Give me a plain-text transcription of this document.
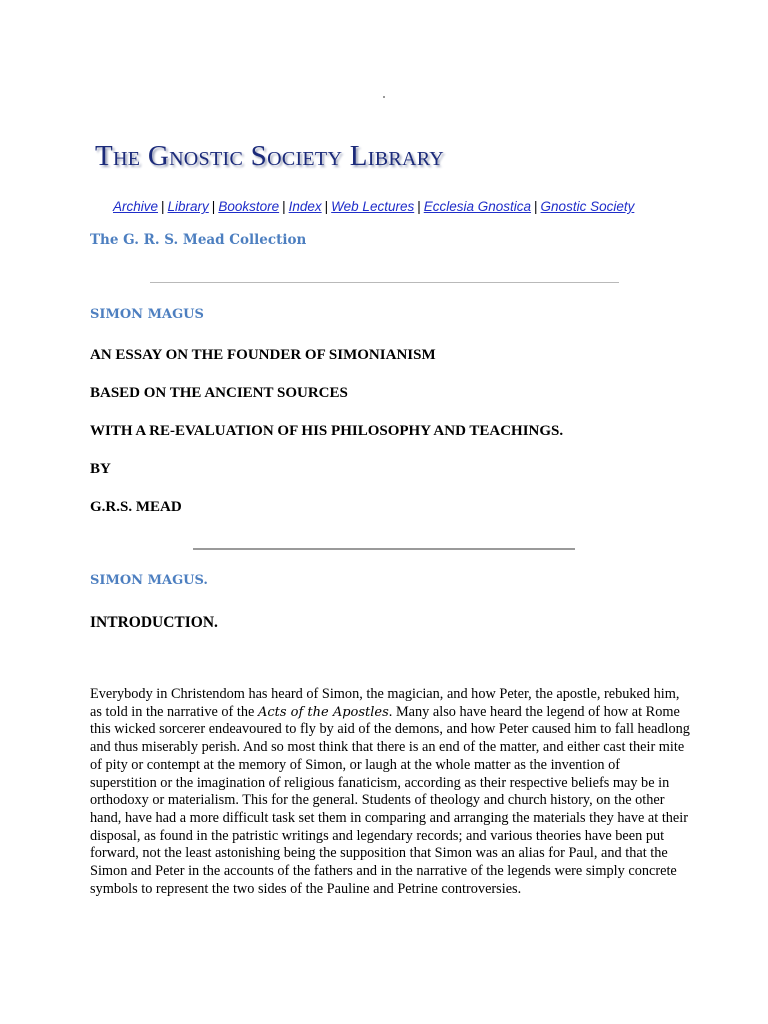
The Gnostic Society Library
Archive | Library | Bookstore | Index | Web Lectures | Ecclesia Gnostica | Gnostic Society
The G. R. S. Mead Collection
SIMON MAGUS

AN ESSAY ON THE FOUNDER OF SIMONIANISM

BASED ON THE ANCIENT SOURCES

WITH A RE-EVALUATION OF HIS PHILOSOPHY AND TEACHINGS.

BY

G.R.S. MEAD

SIMON MAGUS.

INTRODUCTION.

Everybody in Christendom has heard of Simon, the magician, and how Peter, the apostle, rebuked him, as told in the narrative of the Acts of the Apostles. Many also have heard the legend of how at Rome this wicked sorcerer endeavoured to fly by aid of the demons, and how Peter caused him to fall headlong and thus miserably perish. And so most think that there is an end of the matter, and either cast their mite of pity or contempt at the memory of Simon, or laugh at the whole matter as the invention of superstition or the imagination of religious fanaticism, according as their respective beliefs may be in orthodoxy or materialism. This for the general. Students of theology and church history, on the other hand, have had a more difficult task set them in comparing and arranging the materials they have at their disposal, as found in the patristic writings and legendary records; and various theories have been put forward, not the least astonishing being the supposition that Simon was an alias for Paul, and that the Simon and Peter in the accounts of the fathers and in the narrative of the legends were simply concrete symbols to represent the two sides of the Pauline and Petrine controversies.
